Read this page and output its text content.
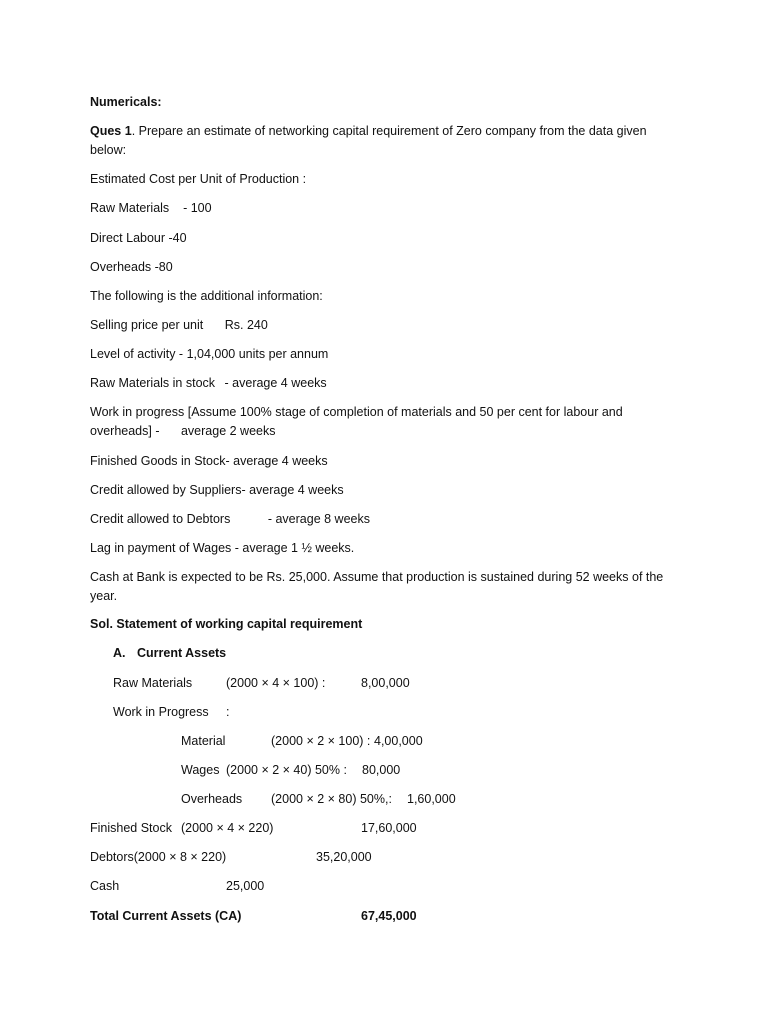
Numericals:
Ques 1. Prepare an estimate of networking capital requirement of Zero company from the data given below:
Estimated Cost per Unit of Production :
Raw Materials    - 100
Direct Labour -40
Overheads -80
The following is the additional information:
Selling price per unit Rs. 240
Level of activity - 1,04,000 units per annum
Raw Materials in stock - average 4 weeks
Work in progress [Assume 100% stage of completion of materials and 50 per cent for labour and overheads] - average 2 weeks
Finished Goods in Stock- average 4 weeks
Credit allowed by Suppliers- average 4 weeks
Credit allowed to Debtors	- average 8 weeks
Lag in payment of Wages - average 1 ½ weeks.
Cash at Bank is expected to be Rs. 25,000. Assume that production is sustained during 52 weeks of the year.
Sol. Statement of working capital requirement
A. Current Assets
Raw Materials	(2000 × 4 × 100) :	8,00,000
Work in Progress :
Material	(2000 × 2 × 100) : 4,00,000
Wages (2000 × 2 × 40) 50% : 80,000
Overheads (2000 × 2 × 80) 50%,: 1,60,000
Finished Stock (2000 × 4 × 220)	17,60,000
Debtors(2000 × 8 × 220)	35,20,000
Cash	25,000
Total Current Assets (CA)	67,45,000
